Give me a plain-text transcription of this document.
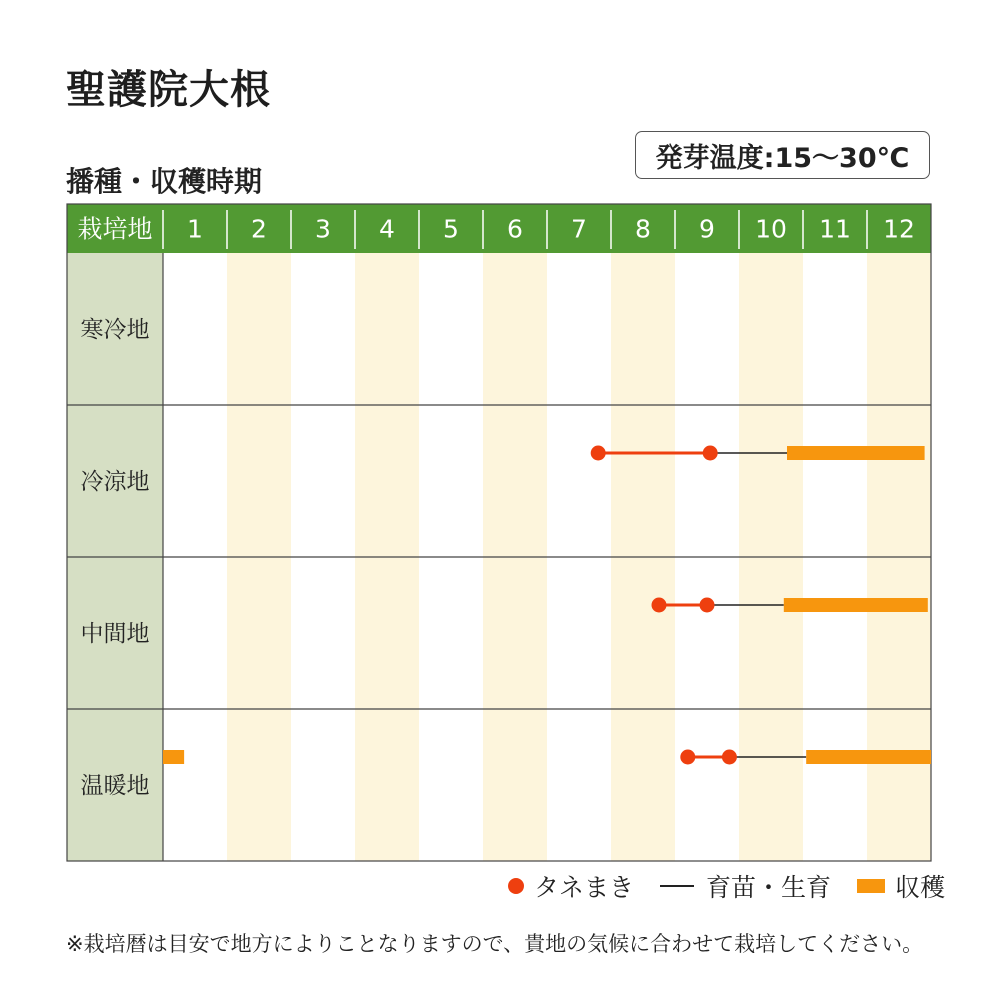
聖護院大根
播種・収穫時期
発芽温度:15〜30℃
栽培地 1 2 3 4 5 6 7 8 9 10 11 12
寒冷地
冷涼地
中間地
温暖地
タネまき	育苗・生育	収穫
※栽培暦は目安で地方によりことなりますので、貴地の気候に合わせて栽培してください。
